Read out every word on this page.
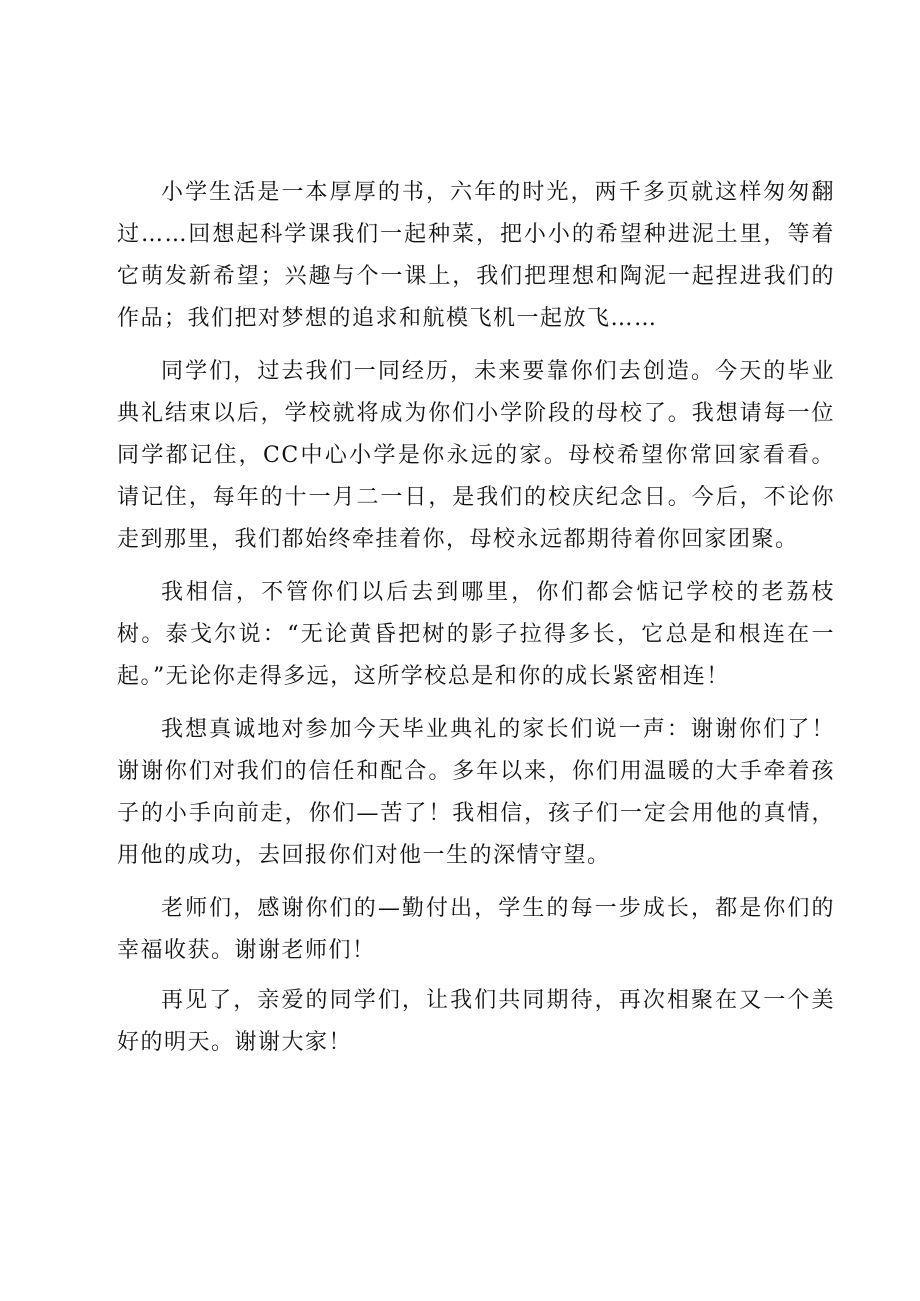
小学生活是一本厚厚的书，六年的时光，两千多页就这样匆匆翻过……回想起科学课我们一起种菜，把小小的希望种进泥土里，等着它萌发新希望；兴趣与个一课上，我们把理想和陶泥一起捏进我们的作品；我们把对梦想的追求和航模飞机一起放飞……

同学们，过去我们一同经历，未来要靠你们去创造。今天的毕业典礼结束以后，学校就将成为你们小学阶段的母校了。我想请每一位同学都记住，CC中心小学是你永远的家。母校希望你常回家看看。请记住，每年的十一月二一日，是我们的校庆纪念日。今后，不论你走到那里，我们都始终牵挂着你，母校永远都期待着你回家团聚。

我相信，不管你们以后去到哪里，你们都会惦记学校的老荔枝树。泰戈尔说：“无论黄昏把树的影子拉得多长，它总是和根连在一起。”无论你走得多远，这所学校总是和你的成长紧密相连！

我想真诚地对参加今天毕业典礼的家长们说一声：谢谢你们了！谢谢你们对我们的信任和配合。多年以来，你们用温暖的大手牵着孩子的小手向前走，你们—苦了！我相信，孩子们一定会用他的真情，用他的成功，去回报你们对他一生的深情守望。

老师们，感谢你们的—勤付出，学生的每一步成长，都是你们的幸福收获。谢谢老师们！

再见了，亲爱的同学们，让我们共同期待，再次相聚在又一个美好的明天。谢谢大家！
